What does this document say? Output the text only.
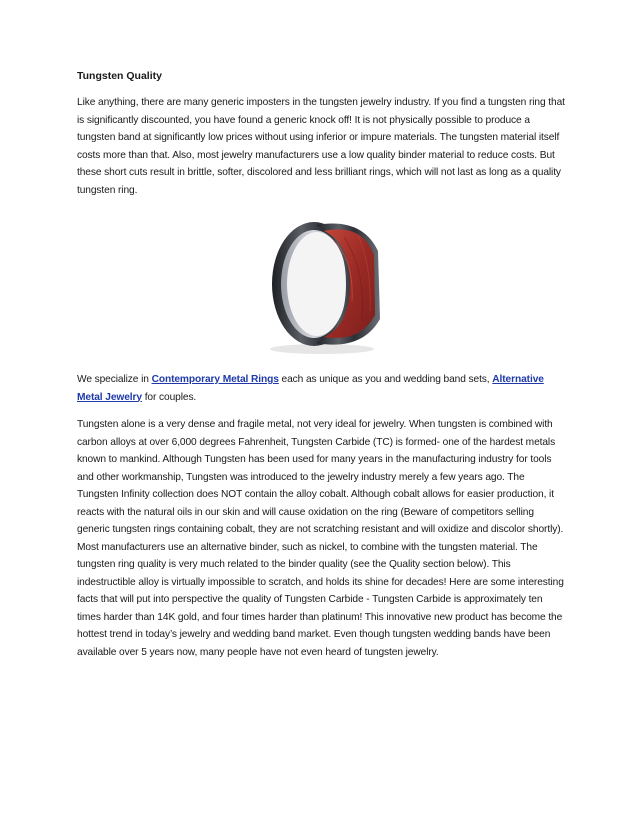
Tungsten Quality

Like anything, there are many generic imposters in the tungsten jewelry industry. If you find a tungsten ring that is significantly discounted, you have found a generic knock off! It is not physically possible to produce a tungsten band at significantly low prices without using inferior or impure materials. The tungsten material itself costs more than that. Also, most jewelry manufacturers use a low quality binder material to reduce costs. But these short cuts result in brittle, softer, discolored and less brilliant rings, which will not last as long as a quality tungsten ring.

We specialize in Contemporary Metal Rings each as unique as you and wedding band sets, Alternative Metal Jewelry for couples.

Tungsten alone is a very dense and fragile metal, not very ideal for jewelry. When tungsten is combined with carbon alloys at over 6,000 degrees Fahrenheit, Tungsten Carbide (TC) is formed- one of the hardest metals known to mankind. Although Tungsten has been used for many years in the manufacturing industry for tools and other workmanship, Tungsten was introduced to the jewelry industry merely a few years ago. The Tungsten Infinity collection does NOT contain the alloy cobalt. Although cobalt allows for easier production, it reacts with the natural oils in our skin and will cause oxidation on the ring (Beware of competitors selling generic tungsten rings containing cobalt, they are not scratching resistant and will oxidize and discolor shortly). Most manufacturers use an alternative binder, such as nickel, to combine with the tungsten material. The tungsten ring quality is very much related to the binder quality (see the Quality section below). This indestructible alloy is virtually impossible to scratch, and holds its shine for decades! Here are some interesting facts that will put into perspective the quality of Tungsten Carbide - Tungsten Carbide is approximately ten times harder than 14K gold, and four times harder than platinum! This innovative new product has become the hottest trend in today’s jewelry and wedding band market. Even though tungsten wedding bands have been available over 5 years now, many people have not even heard of tungsten jewelry.
